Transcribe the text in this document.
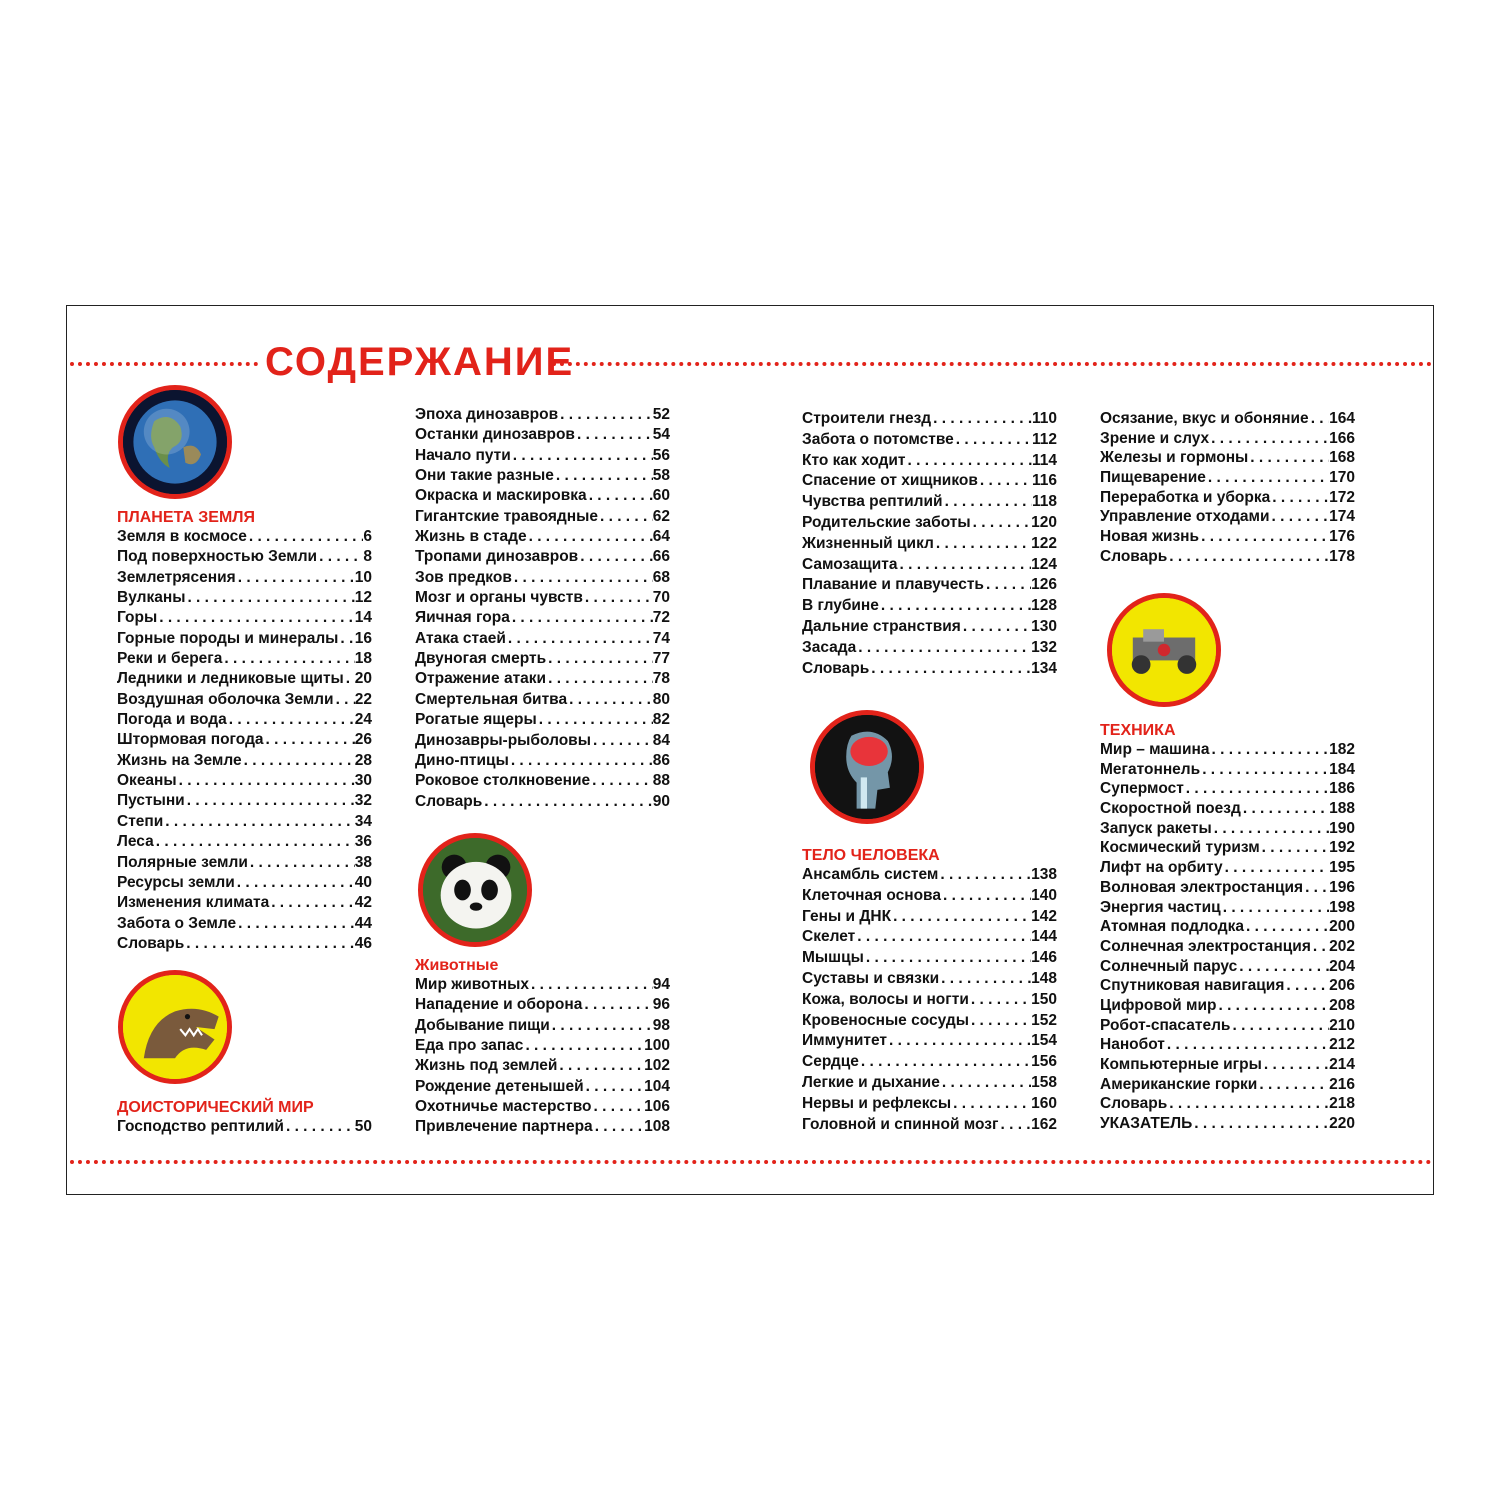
СОДЕРЖАНИЕ
ПЛАНЕТА ЗЕМЛЯ
Земля в космосе . . .	6
Под поверхностью Земли . . .	8
Землетрясения . . .	10
Вулканы . . .	12
Горы . . .	14
Горные породы и минералы . . . 16
Реки и берега . . .	18
Ледники и ледниковые щиты . . . 20
Воздушная оболочка Земли . . . 22
Погода и вода . . .	24
Штормовая погода . . .	26
Жизнь на Земле . . .	28
Океаны . . .	30
Пустыни . . .	32
Степи . . .	34
Леса . . .	36
Полярные земли . . .	38
Ресурсы земли . . .	40
Изменения климата . . .	42
Забота о Земле . . .	44
Словарь . . .	46
ДОИСТОРИЧЕСКИЙ МИР
Господство рептилий . . .	50
Эпоха динозавров . . .	52
Останки динозавров . . .	54
Начало пути . . .	56
Они такие разные . . .	58
Окраска и маскировка . . .	60
Гигантские травоядные . . .	62
Жизнь в стаде . . .	64
Тропами динозавров . . .	66
Зов предков . . .	68
Мозг и органы чувств . . .	70
Яичная гора . . .	72
Атака стаей . . .	74
Двуногая смерть . . .	77
Отражение атаки . . .	78
Смертельная битва . . .	80
Рогатые ящеры . . .	82
Динозавры-рыболовы . . .	84
Дино-птицы . . .	86
Роковое столкновение . . .	88
Словарь . . .	90
Животные
Мир животных . . .	94
Нападение и оборона . . .	96
Добывание пищи . . .	98
Еда про запас . . .	100
Жизнь под землей . . .	102
Рождение детенышей . . .	104
Охотничье мастерство . . .	106
Привлечение партнера . . .	108
Строители гнезд . . .	110
Забота о потомстве . . .	112
Кто как ходит . . .	114
Спасение от хищников . . .	116
Чувства рептилий . . .	118
Родительские заботы . . .	120
Жизненный цикл . . .	122
Самозащита . . .	124
Плавание и плавучесть . . .	126
В глубине . . .	128
Дальние странствия . . .	130
Засада . . .	132
Словарь . . .	134
ТЕЛО ЧЕЛОВЕКА
Ансамбль систем . . .	138
Клеточная основа . . .	140
Гены и ДНК . . .	142
Скелет . . .	144
Мышцы . . .	146
Суставы и связки . . .	148
Кожа, волосы и ногти . . .	150
Кровеносные сосуды . . .	152
Иммунитет . . .	154
Сердце . . .	156
Легкие и дыхание . . .	158
Нервы и рефлексы . . .	160
Головной и спинной мозг . . . 162
Осязание, вкус и обоняние . . . 164
Зрение и слух . . .	166
Железы и гормоны . . .	168
Пищеварение . . .	170
Переработка и уборка . . .	172
Управление отходами . . .	174
Новая жизнь . . .	176
Словарь . . .	178
ТЕХНИКА
Мир – машина . . .	182
Мегатоннель . . .	184
Супермост . . .	186
Скоростной поезд . . .	188
Запуск ракеты . . .	190
Космический туризм . . .	192
Лифт на орбиту . . .	195
Волновая электростанция . . . 196
Энергия частиц . . .	198
Атомная подлодка . . .	200
Солнечная электростанция . . . 202
Солнечный парус . . .	204
Спутниковая навигация . . .	206
Цифровой мир . . .	208
Робот-спасатель . . .	210
Нанобот . . .	212
Компьютерные игры . . .	214
Американские горки . . .	216
Словарь . . .	218
УКАЗАТЕЛЬ . . .	220
